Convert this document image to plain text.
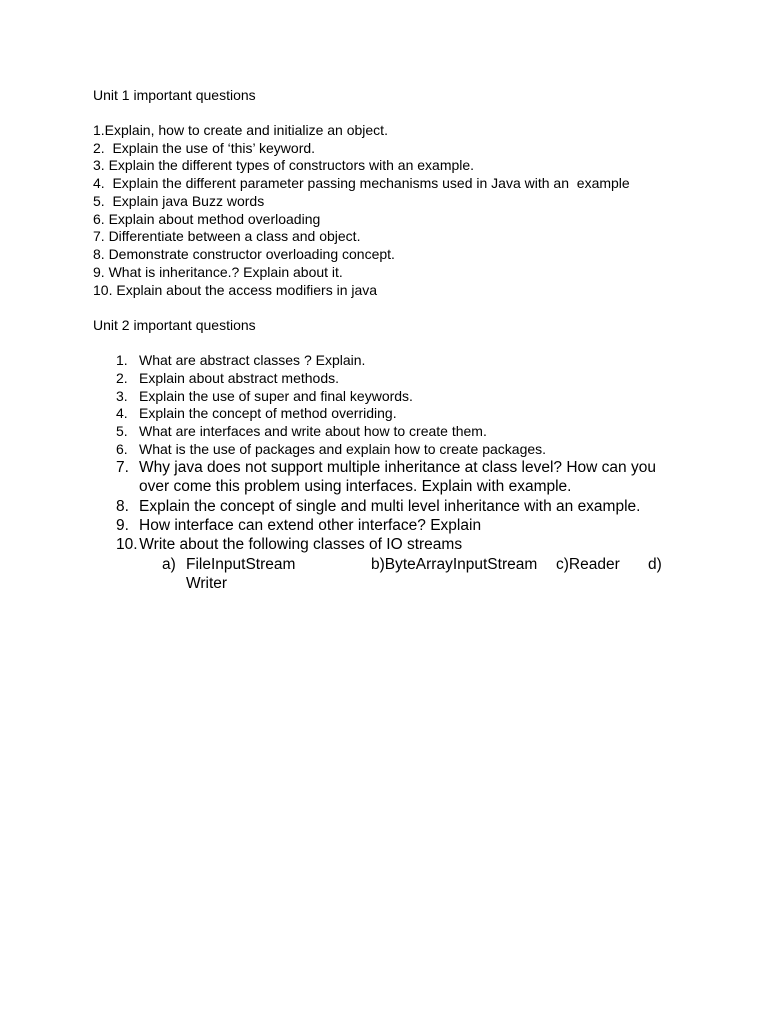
Unit 1 important questions
1.Explain, how to create and initialize an object.
2.  Explain the use of ‘this’ keyword.
3. Explain the different types of constructors with an example.
4.  Explain the different parameter passing mechanisms used in Java with an  example
5.  Explain java Buzz words
6. Explain about method overloading
7. Differentiate between a class and object.
8. Demonstrate constructor overloading concept.
9. What is inheritance.? Explain about it.
10. Explain about the access modifiers in java
Unit 2 important questions
1. What are abstract classes ? Explain.
2. Explain about abstract methods.
3. Explain the use of super and final keywords.
4. Explain the concept of method overriding.
5. What are interfaces and write about how to create them.
6. What is the use of packages and explain how to create packages.
7. Why java does not support multiple inheritance at class level? How can you
over come this problem using interfaces. Explain with example.
8. Explain the concept of single and multi level inheritance with an example.
9. How interface can extend other interface? Explain
10.
Write about the following classes of IO streams
a) FileInputStream	b)ByteArrayInputStream c)Reader d)
Writer
